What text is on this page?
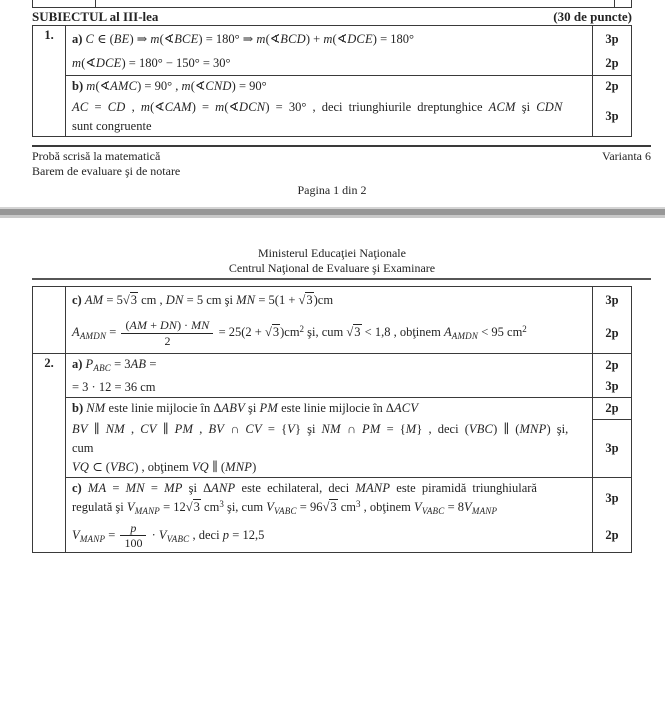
SUBIECTUL al III-lea	(30 de puncte)
1.	a) C ∈ (BE) ⇒ m(∢BCE) = 180° ⇒ m(∢BCD) + m(∢DCE) = 180°	3p
m(∢DCE) = 180° − 150° = 30°	2p
b) m(∢AMC) = 90° , m(∢CND) = 90°	2p
AC = CD , m(∢CAM) = m(∢DCN) = 30° , deci triunghiurile dreptunghice ACM şi CDN
sunt congruente
3p
Probă scrisă la matematică	Varianta 6
Barem de evaluare şi de notare
Pagina 1 din 2
Ministerul Educaţiei Naţionale
Centrul Naţional de Evaluare şi Examinare
c) AM = 5√3 cm , DN = 5 cm şi MN = 5(1 + √3)cm	3p
$A_{AMDN} = \frac{(AM + DN) \cdot MN}{2} = 25(2 + √3)cm^2$ şi, cum √3 < 1,8 , obţinem $A_{AMDN} < 95$ $cm^2$	2p
2.	a) $P_{ABC} = 3AB$ =	2p
= 3 · 12 = 36 cm	3p
b) NM este linie mijlocie în ΔABV şi PM este linie mijlocie în ΔACV	2p
BV ∥ NM , CV ∥ PM , BV ∩ CV = {V} şi NM ∩ PM = {M} , deci (VBC) ∥ (MNP) şi, cum
VQ ⊂ (VBC) , obţinem VQ ∥ (MNP)
3p
c) MA = MN = MP şi ΔANP este echilateral, deci MANP este piramidă triunghiulară
regulată şi $V_{MANP} = 12√3$ $cm^3$ şi, cum $V_{VABC} = 96√3$ $cm^3$ , obţinem $V_{VABC} = 8V_{MANP}$
3p
$V_{MANP} = \frac{p}{100} \cdot V_{VABC}$ , deci p = 12,5	2p
